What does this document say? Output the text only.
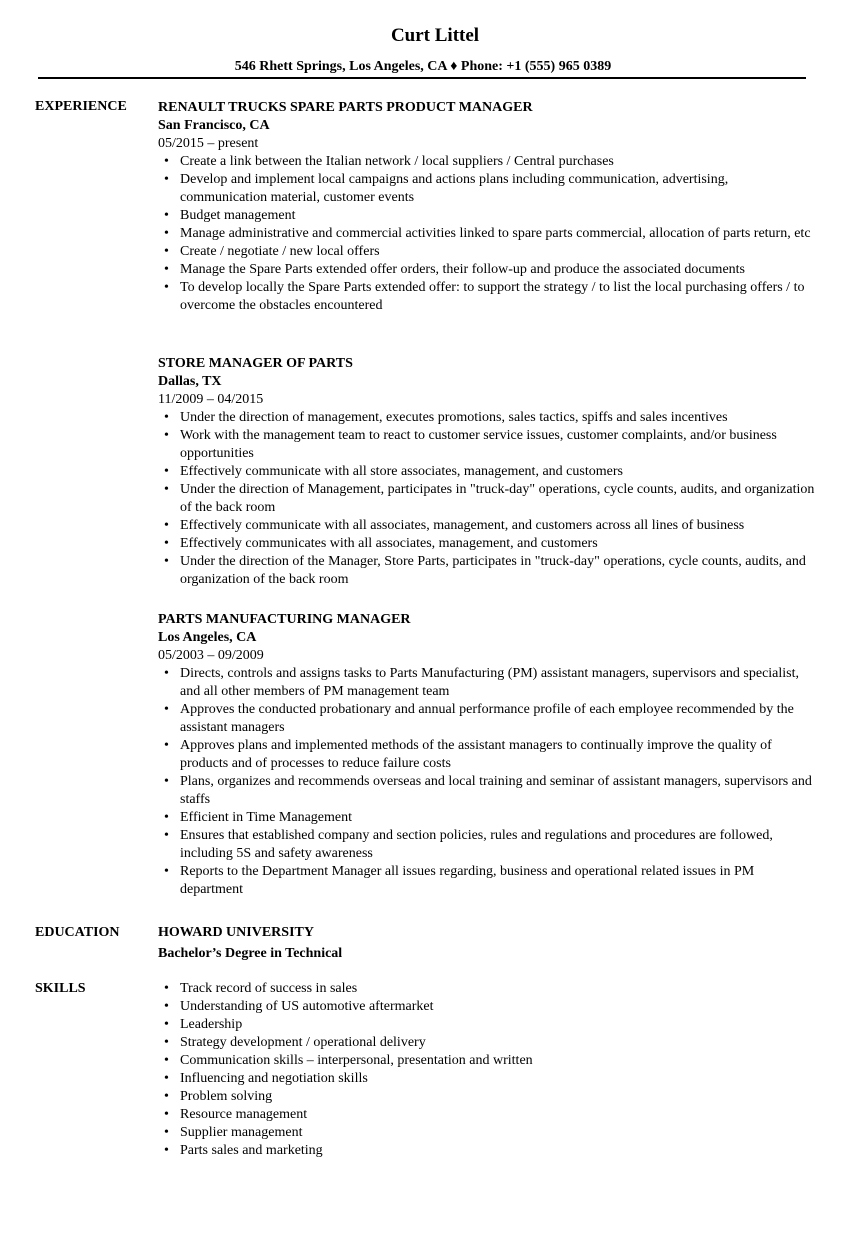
Curt Littel
546 Rhett Springs, Los Angeles, CA ♦ Phone: +1 (555) 965 0389
EXPERIENCE RENAULT TRUCKS SPARE PARTS PRODUCT MANAGER
San Francisco, CA
05/2015 – present
• Create a link between the Italian network / local suppliers / Central purchases
• Develop and implement local campaigns and actions plans including communication, advertising, communication material, customer events
• Budget management
• Manage administrative and commercial activities linked to spare parts commercial, allocation of parts return, etc
• Create / negotiate / new local offers
• Manage the Spare Parts extended offer orders, their follow-up and produce the associated documents
• To develop locally the Spare Parts extended offer: to support the strategy / to list the local purchasing offers / to overcome the obstacles encountered
STORE MANAGER OF PARTS
Dallas, TX
11/2009 – 04/2015
• Under the direction of management, executes promotions, sales tactics, spiffs and sales incentives
• Work with the management team to react to customer service issues, customer complaints, and/or business opportunities
• Effectively communicate with all store associates, management, and customers
• Under the direction of Management, participates in "truck-day" operations, cycle counts, audits, and organization of the back room
• Effectively communicate with all associates, management, and customers across all lines of business
• Effectively communicates with all associates, management, and customers
• Under the direction of the Manager, Store Parts, participates in "truck-day" operations, cycle counts, audits, and organization of the back room
PARTS MANUFACTURING MANAGER
Los Angeles, CA
05/2003 – 09/2009
• Directs, controls and assigns tasks to Parts Manufacturing (PM) assistant managers, supervisors and specialist, and all other members of PM management team
• Approves the conducted probationary and annual performance profile of each employee recommended by the assistant managers
• Approves plans and implemented methods of the assistant managers to continually improve the quality of products and of processes to reduce failure costs
• Plans, organizes and recommends overseas and local training and seminar of assistant managers, supervisors and staffs
• Efficient in Time Management
• Ensures that established company and section policies, rules and regulations and procedures are followed, including 5S and safety awareness
• Reports to the Department Manager all issues regarding, business and operational related issues in PM department
EDUCATION	HOWARD UNIVERSITY
Bachelor’s Degree in Technical
SKILLS
•	Track record of success in sales
• Understanding of US automotive aftermarket
• Leadership
• Strategy development / operational delivery
• Communication skills – interpersonal, presentation and written
• Influencing and negotiation skills
• Problem solving
• Resource management
• Supplier management
• Parts sales and marketing
